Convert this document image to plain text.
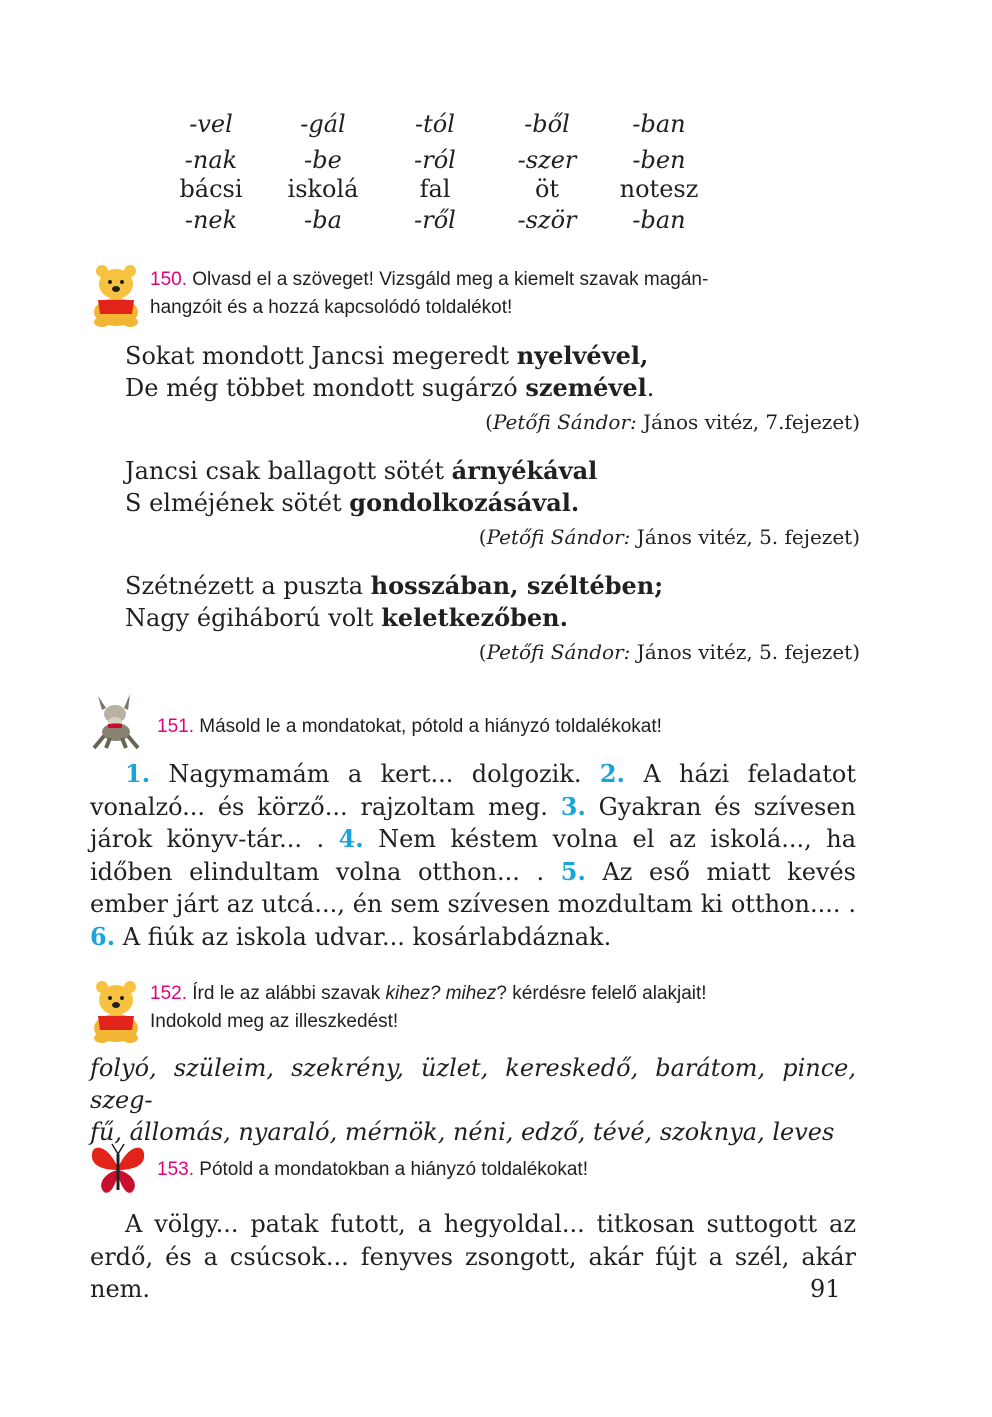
-vel	-gál	-tól	-ből	-ban
-nak	-be	-ról	-szer	-ben
bácsi	iskolá	fal	öt	notesz
-nek	-ba	-ről	-ször	-ban
150. Olvasd el a szöveget! Vizsgáld meg a kiemelt szavak magán-
hangzóit és a hozzá kapcsolódó toldalékot!
Sokat mondott Jancsi megeredt nyelvével,
De még többet mondott sugárzó szemével.
(Petőfi Sándor: János vitéz, 7.fejezet)
Jancsi csak ballagott sötét árnyékával
S elméjének sötét gondolkozásával.
(Petőfi Sándor: János vitéz, 5. fejezet)
Szétnézett a puszta hosszában, széltében;
Nagy égiháború volt keletkezőben.
(Petőfi Sándor: János vitéz, 5. fejezet)
151. Másold le a mondatokat, pótold a hiányzó toldalékokat!
1. Nagymamám a kert... dolgozik. 2. A házi feladatot vonalzó... és körző... rajzoltam meg. 3. Gyakran és szívesen járok könyv-tár... . 4. Nem késtem volna el az iskolá..., ha időben elindultam volna otthon... . 5. Az eső miatt kevés ember járt az utcá..., én sem szívesen mozdultam ki otthon.... . 6. A fiúk az iskola udvar... kosárlabdáznak.
152. Írd le az alábbi szavak kihez? mihez? kérdésre felelő alakjait!
Indokold meg az illeszkedést!
folyó, szüleim, szekrény, üzlet, kereskedő, barátom, pince, szeg-
fű, állomás, nyaraló, mérnök, néni, edző, tévé, szoknya, leves
153. Pótold a mondatokban a hiányzó toldalékokat!
A völgy... patak futott, a hegyoldal... titkosan suttogott az erdő, és a csúcsok... fenyves zsongott, akár fújt a szél, akár nem.	91
